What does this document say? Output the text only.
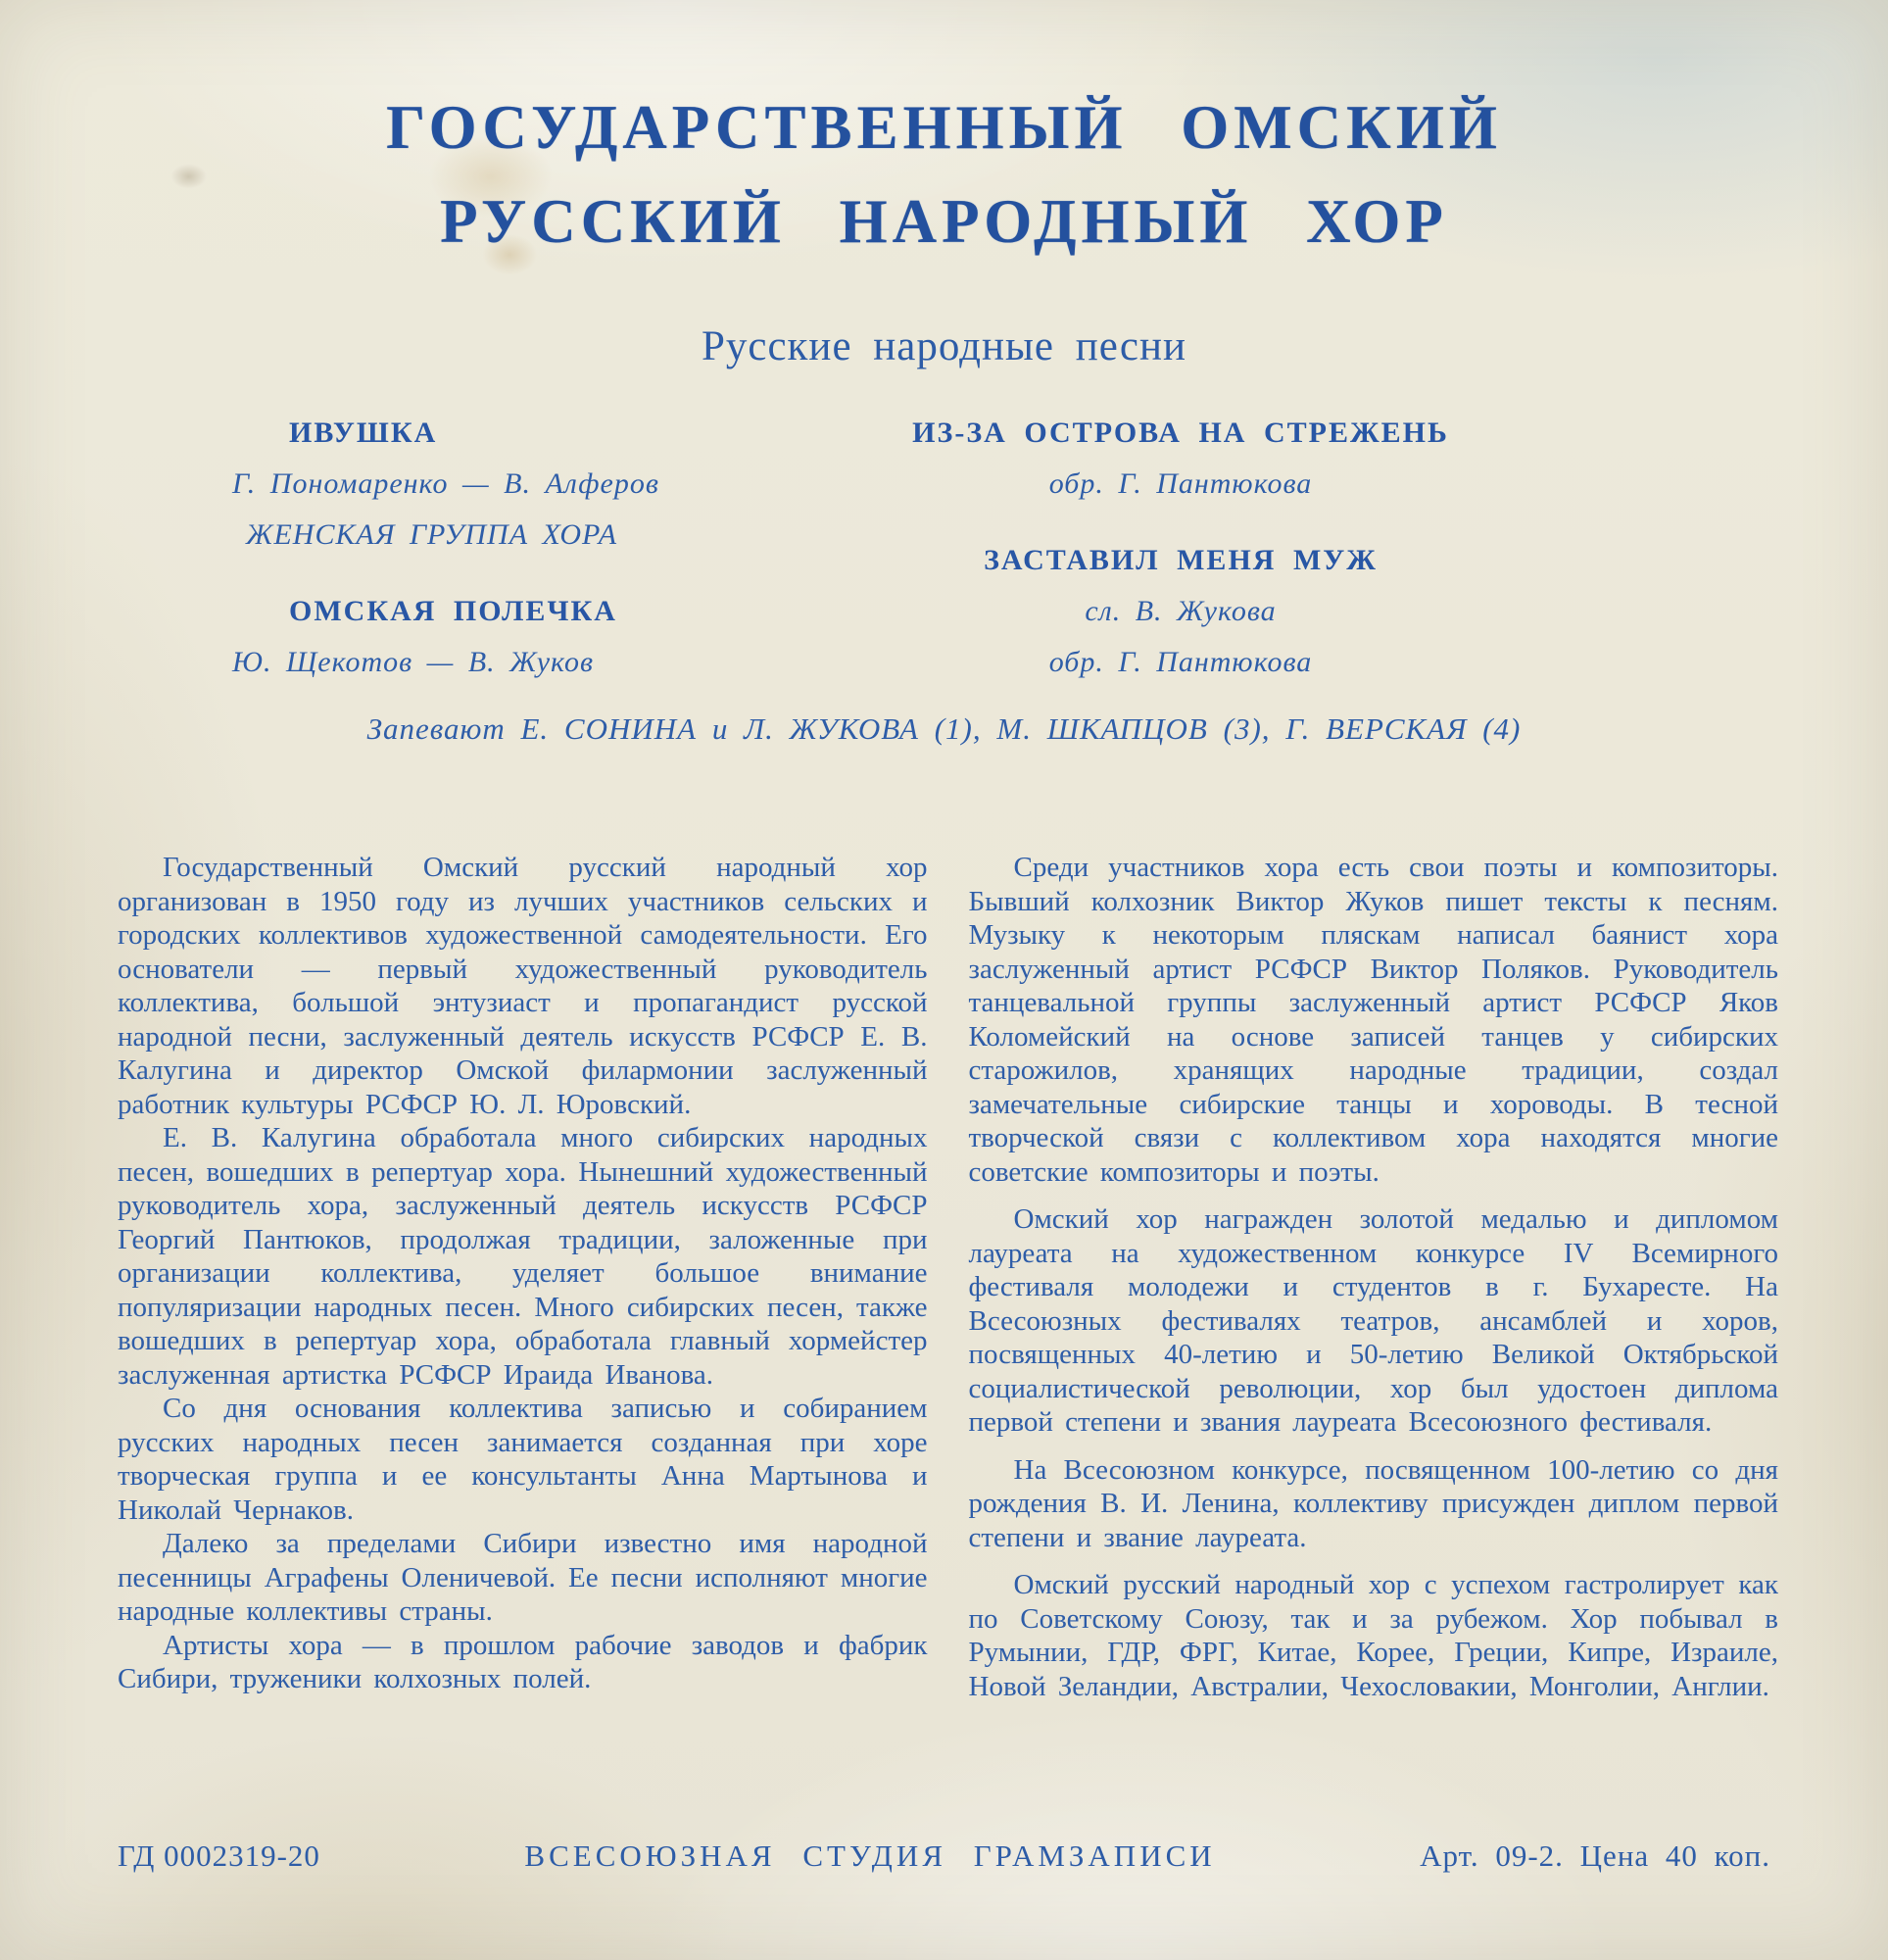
ГОСУДАРСТВЕННЫЙ ОМСКИЙ
РУССКИЙ НАРОДНЫЙ ХОР
Русские народные песни
ИВУШКА
Г. Пономаренко — В. Алферов
ЖЕНСКАЯ ГРУППА ХОРА
ОМСКАЯ ПОЛЕЧКА
Ю. Щекотов — В. Жуков
ИЗ-ЗА ОСТРОВА НА СТРЕЖЕНЬ
обр. Г. Пантюкова
ЗАСТАВИЛ МЕНЯ МУЖ
сл. В. Жукова
обр. Г. Пантюкова
Запевают Е. СОНИНА и Л. ЖУКОВА (1), М. ШКАПЦОВ (3), Г. ВЕРСКАЯ (4)

Государственный Омский русский народный хор организован в 1950 году из лучших участников сельских и городских коллективов художественной самодеятельности. Его основатели — первый художественный руководитель коллектива, большой энтузиаст и пропагандист русской народной песни, заслуженный деятель искусств РСФСР Е. В. Калугина и директор Омской филармонии заслуженный работник культуры РСФСР Ю. Л. Юровский.

Е. В. Калугина обработала много сибирских народных песен, вошедших в репертуар хора. Нынешний художественный руководитель хора, заслуженный деятель искусств РСФСР Георгий Пантюков, продолжая традиции, заложенные при организации коллектива, уделяет большое внимание популяризации народных песен. Много сибирских песен, также вошедших в репертуар хора, обработала главный хормейстер заслуженная артистка РСФСР Ираида Иванова.

Со дня основания коллектива записью и собиранием русских народных песен занимается созданная при хоре творческая группа и ее консультанты Анна Мартынова и Николай Чернаков.

Далеко за пределами Сибири известно имя народной песенницы Аграфены Оленичевой. Ее песни исполняют многие народные коллективы страны.

Артисты хора — в прошлом рабочие заводов и фабрик Сибири, труженики колхозных полей.

Среди участников хора есть свои поэты и композиторы. Бывший колхозник Виктор Жуков пишет тексты к песням. Музыку к некоторым пляскам написал баянист хора заслуженный артист РСФСР Виктор Поляков. Руководитель танцевальной группы заслуженный артист РСФСР Яков Коломейский на основе записей танцев у сибирских старожилов, хранящих народные традиции, создал замечательные сибирские танцы и хороводы. В тесной творческой связи с коллективом хора находятся многие советские композиторы и поэты.

Омский хор награжден золотой медалью и дипломом лауреата на художественном конкурсе IV Всемирного фестиваля молодежи и студентов в г. Бухаресте. На Всесоюзных фестивалях театров, ансамблей и хоров, посвященных 40-летию и 50-летию Великой Октябрьской социалистической революции, хор был удостоен диплома первой степени и звания лауреата Всесоюзного фестиваля.

На Всесоюзном конкурсе, посвященном 100-летию со дня рождения В. И. Ленина, коллективу присужден диплом первой степени и звание лауреата.

Омский русский народный хор с успехом гастролирует как по Советскому Союзу, так и за рубежом. Хор побывал в Румынии, ГДР, ФРГ, Китае, Корее, Греции, Кипре, Израиле, Новой Зеландии, Австралии, Чехословакии, Монголии, Англии.

ГД 0002319-20	ВСЕСОЮЗНАЯ СТУДИЯ ГРАМЗАПИСИ	Арт. 09-2. Цена 40 коп.
